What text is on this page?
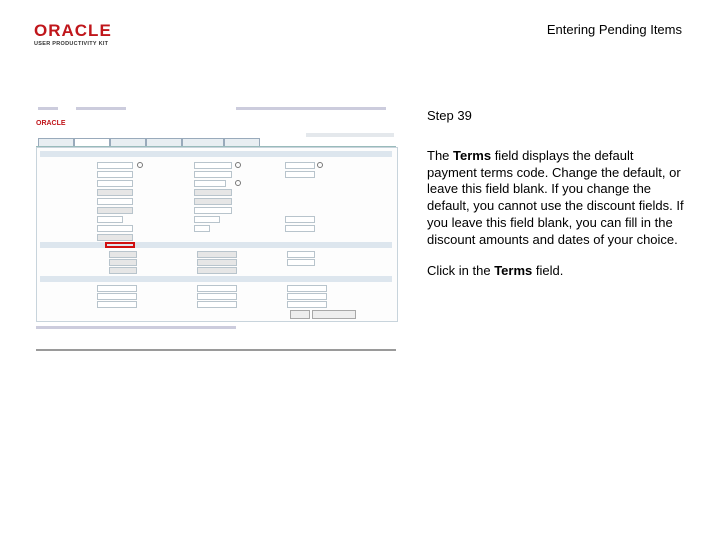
ORACLE
USER PRODUCTIVITY KIT
Entering Pending Items
ORACLE

Step 39

The Terms field displays the default payment terms code. Change the default, or leave this field blank. If you change the default, you cannot use the discount fields. If you leave this field blank, you can fill in the discount amounts and dates of your choice.

Click in the Terms field.
